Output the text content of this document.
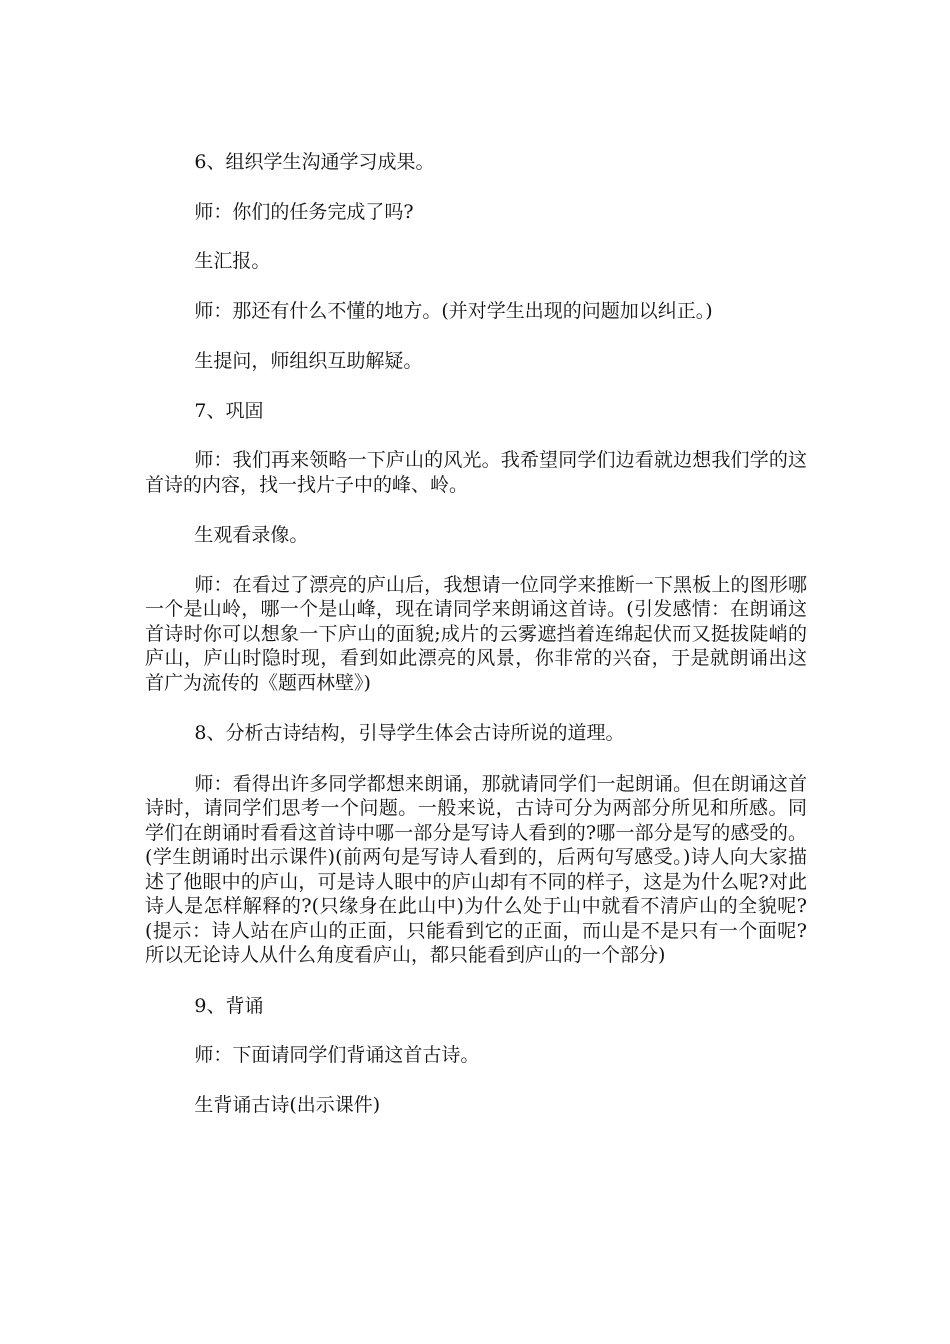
6、组织学生沟通学习成果。

师：你们的任务完成了吗?

生汇报。

师：那还有什么不懂的地方。(并对学生出现的问题加以纠正。)

生提问，师组织互助解疑。

7、巩固

师：我们再来领略一下庐山的风光。我希望同学们边看就边想我们学的这首诗的内容，找一找片子中的峰、岭。

生观看录像。

师：在看过了漂亮的庐山后，我想请一位同学来推断一下黑板上的图形哪一个是山岭，哪一个是山峰，现在请同学来朗诵这首诗。(引发感情：在朗诵这首诗时你可以想象一下庐山的面貌;成片的云雾遮挡着连绵起伏而又挺拔陡峭的庐山，庐山时隐时现，看到如此漂亮的风景，你非常的兴奋，于是就朗诵出这首广为流传的《题西林壁》)

8、分析古诗结构，引导学生体会古诗所说的道理。

师：看得出许多同学都想来朗诵，那就请同学们一起朗诵。但在朗诵这首诗时，请同学们思考一个问题。一般来说，古诗可分为两部分所见和所感。同学们在朗诵时看看这首诗中哪一部分是写诗人看到的?哪一部分是写的感受的。(学生朗诵时出示课件)(前两句是写诗人看到的，后两句写感受。)诗人向大家描述了他眼中的庐山，可是诗人眼中的庐山却有不同的样子，这是为什么呢?对此诗人是怎样解释的?(只缘身在此山中)为什么处于山中就看不清庐山的全貌呢?(提示：诗人站在庐山的正面，只能看到它的正面，而山是不是只有一个面呢?所以无论诗人从什么角度看庐山，都只能看到庐山的一个部分)

9、背诵

师：下面请同学们背诵这首古诗。

生背诵古诗(出示课件)
